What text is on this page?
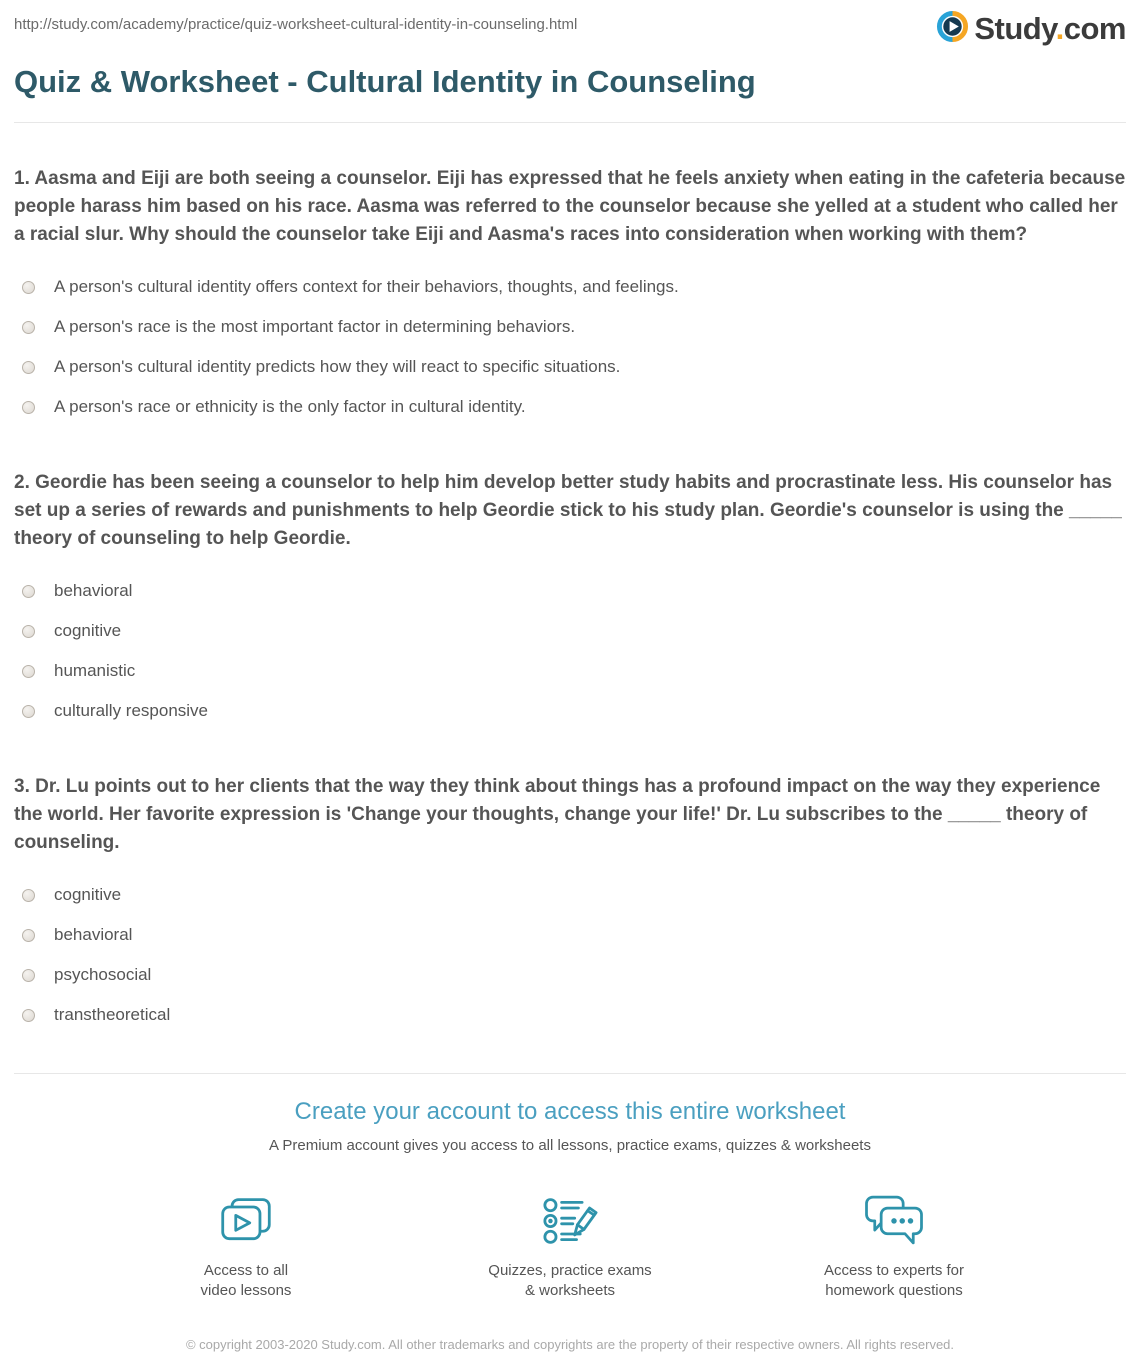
http://study.com/academy/practice/quiz-worksheet-cultural-identity-in-counseling.html	Study.com
Quiz & Worksheet - Cultural Identity in Counseling
1. Aasma and Eiji are both seeing a counselor. Eiji has expressed that he feels anxiety when eating in the cafeteria because people harass him based on his race. Aasma was referred to the counselor because she yelled at a student who called her a racial slur. Why should the counselor take Eiji and Aasma's races into consideration when working with them?
A person's cultural identity offers context for their behaviors, thoughts, and feelings.
A person's race is the most important factor in determining behaviors.
A person's cultural identity predicts how they will react to specific situations.
A person's race or ethnicity is the only factor in cultural identity.
2. Geordie has been seeing a counselor to help him develop better study habits and procrastinate less. His counselor has set up a series of rewards and punishments to help Geordie stick to his study plan. Geordie's counselor is using the _____ theory of counseling to help Geordie.
behavioral
cognitive
humanistic
culturally responsive
3. Dr. Lu points out to her clients that the way they think about things has a profound impact on the way they experience the world. Her favorite expression is 'Change your thoughts, change your life!' Dr. Lu subscribes to the _____ theory of counseling.
cognitive
behavioral
psychosocial
transtheoretical
Create your account to access this entire worksheet
A Premium account gives you access to all lessons, practice exams, quizzes & worksheets
Access to all
video lessons
Quizzes, practice exams
& worksheets
Access to experts for
homework questions
© copyright 2003-2020 Study.com. All other trademarks and copyrights are the property of their respective owners. All rights reserved.
